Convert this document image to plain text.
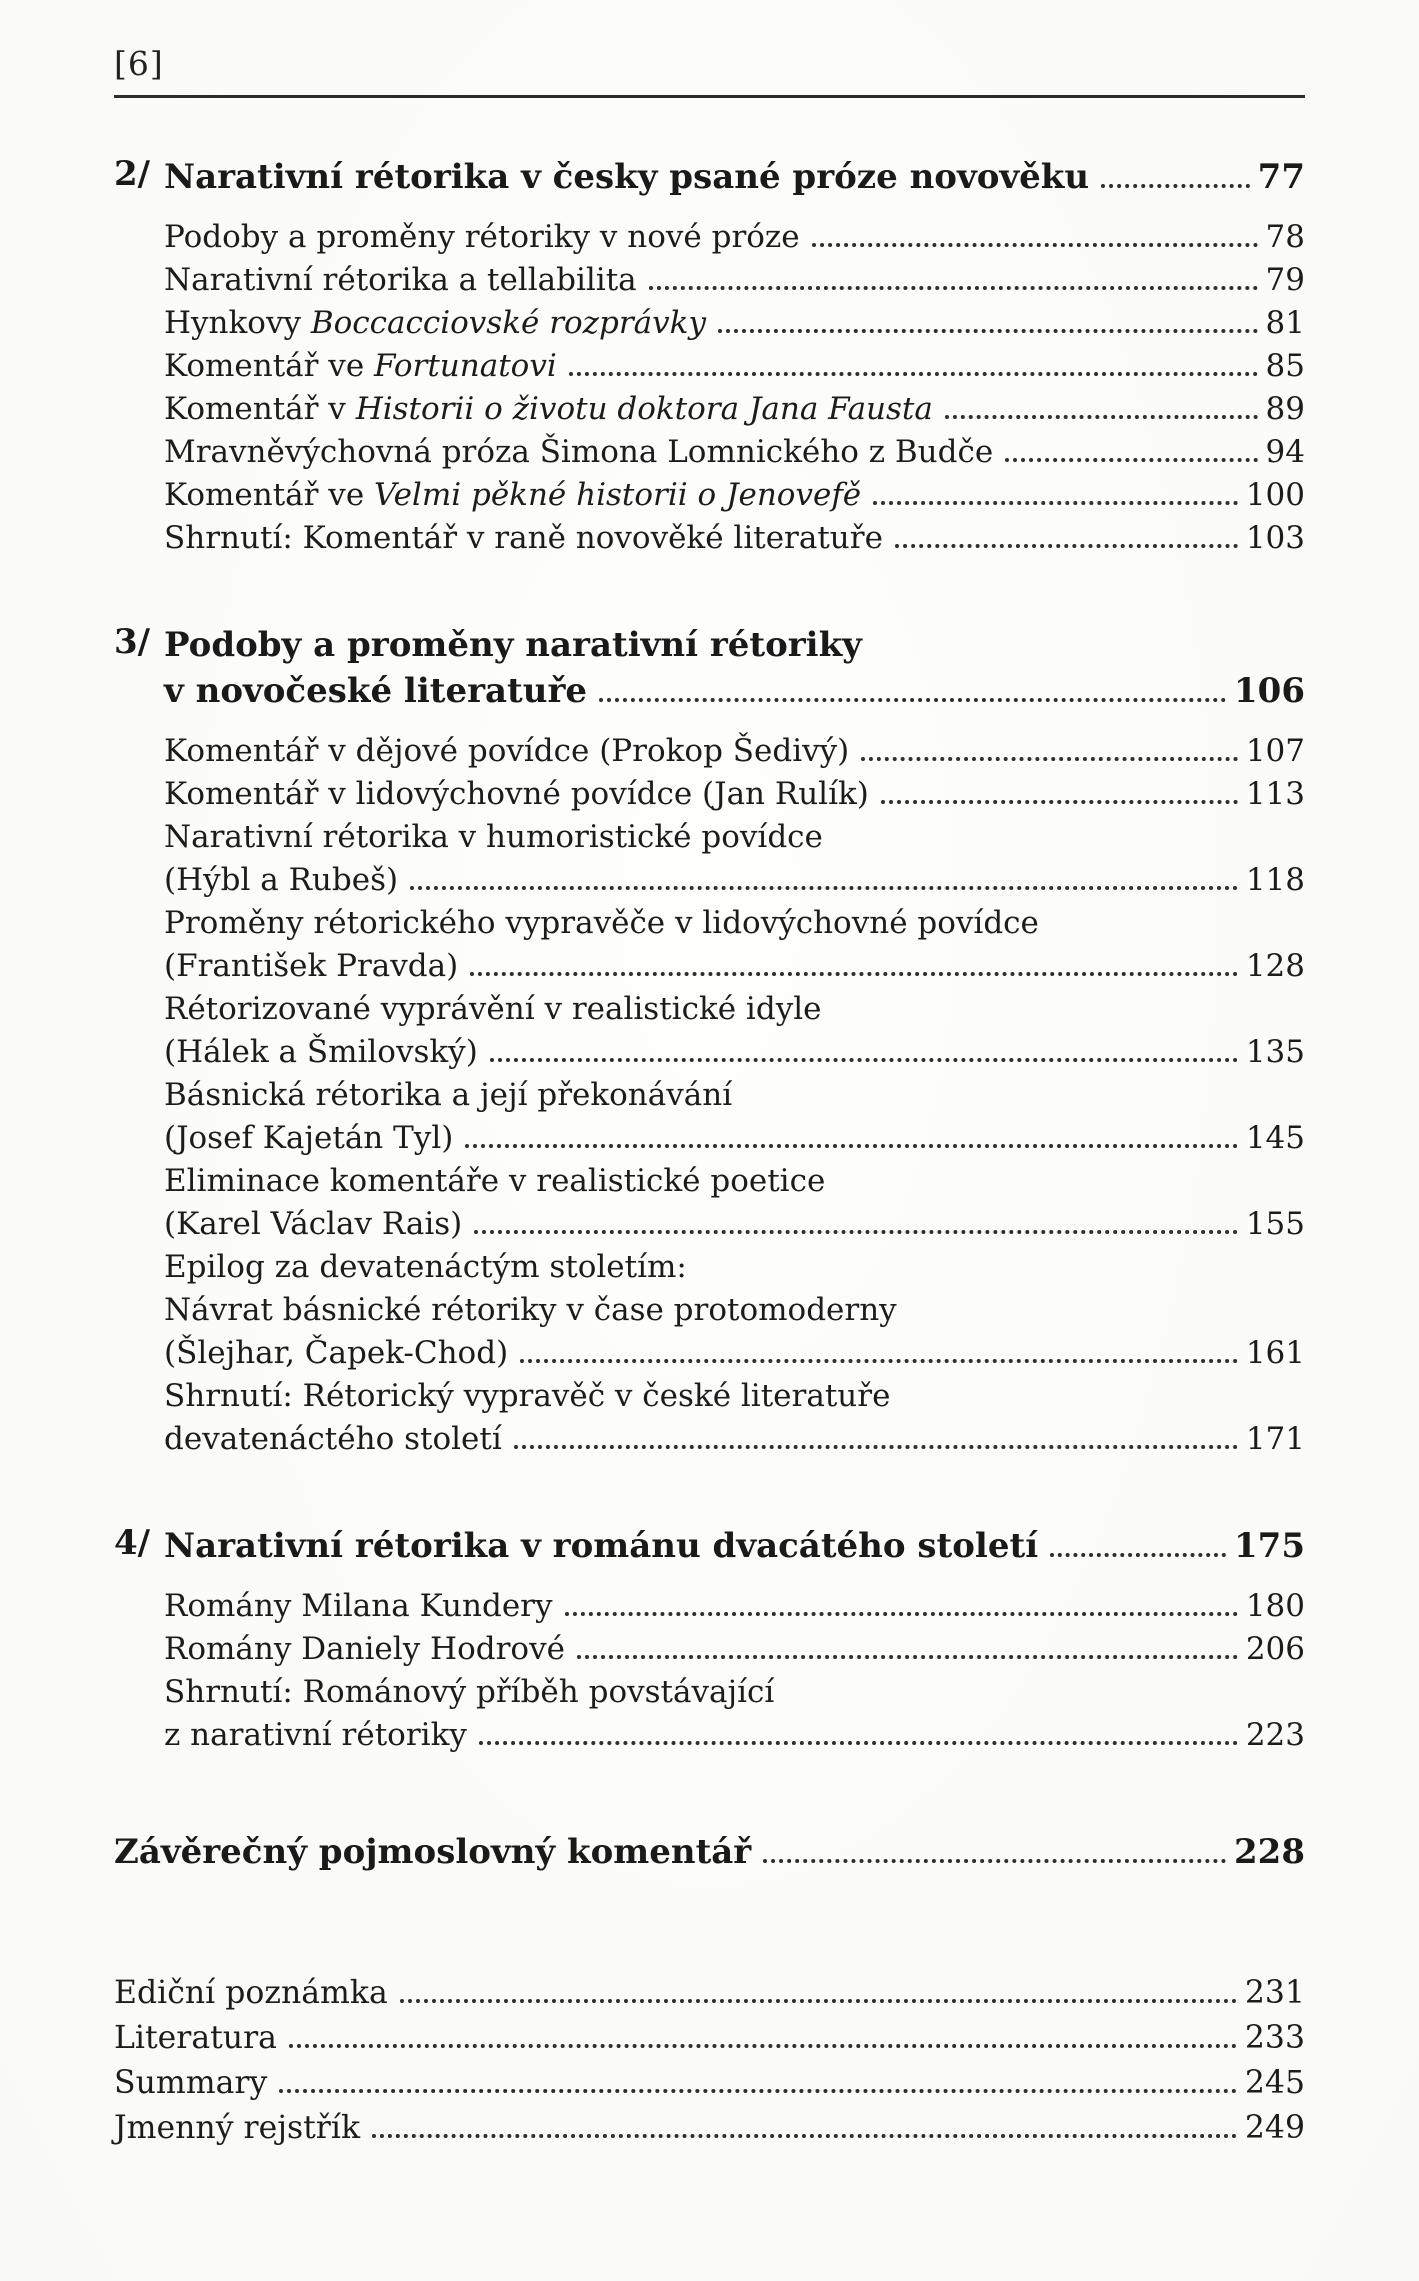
[6]
2/ Narativní rétorika v česky psané próze novověku	77
Podoby a proměny rétoriky v nové próze	78
Narativní rétorika a tellabilita	79
Hynkovy Boccacciovské rozprávky	81
Komentář ve Fortunatovi	85
Komentář v Historii o životu doktora Jana Fausta	89
Mravněvýchovná próza Šimona Lomnického z Budče	94
Komentář ve Velmi pěkné historii o Jenovefě	100
Shrnutí: Komentář v raně novověké literatuře	103
3/ Podoby a proměny narativní rétoriky
v novočeské literatuře	106
Komentář v dějové povídce (Prokop Šedivý)	107
Komentář v lidovýchovné povídce (Jan Rulík)	113
Narativní rétorika v humoristické povídce
(Hýbl a Rubeš)	118
Proměny rétorického vypravěče v lidovýchovné povídce
(František Pravda)	128
Rétorizované vyprávění v realistické idyle
(Hálek a Šmilovský)	135
Básnická rétorika a její překonávání
(Josef Kajetán Tyl)	145
Eliminace komentáře v realistické poetice
(Karel Václav Rais)	155
Epilog za devatenáctým stoletím:
Návrat básnické rétoriky v čase protomoderny
(Šlejhar, Čapek-Chod)	161
Shrnutí: Rétorický vypravěč v české literatuře
devatenáctého století	171
4/ Narativní rétorika v románu dvacátého století	175
Romány Milana Kundery	180
Romány Daniely Hodrové	206
Shrnutí: Románový příběh povstávající
z narativní rétoriky	223
Závěrečný pojmoslovný komentář	228
Ediční poznámka	231
Literatura	233
Summary	245
Jmenný rejstřík	249
